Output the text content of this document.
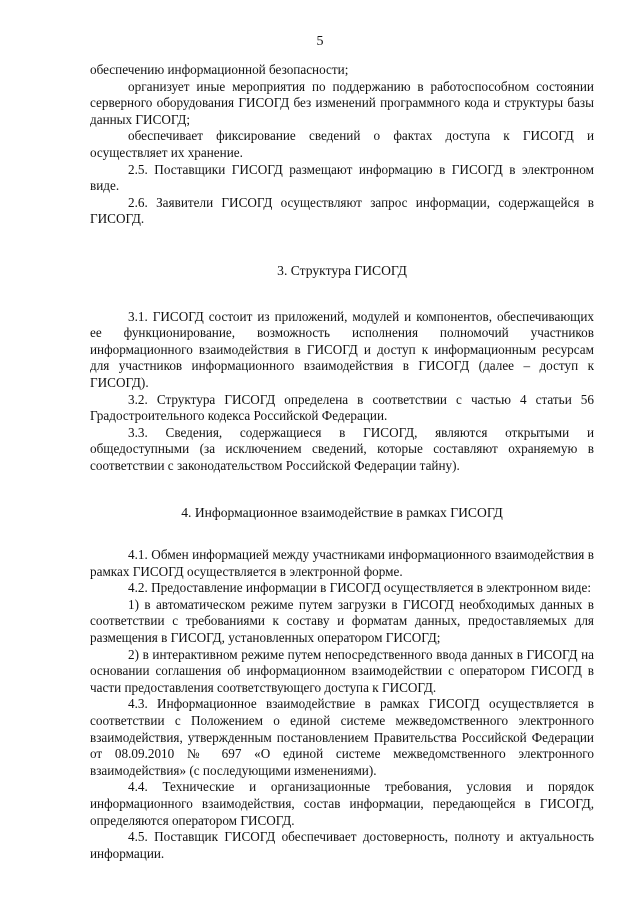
5

обеспечению информационной безопасности;

организует иные мероприятия по поддержанию в работоспособном состоянии серверного оборудования ГИСОГД без изменений программного кода и структуры базы данных ГИСОГД;

обеспечивает фиксирование сведений о фактах доступа к ГИСОГД и осуществляет их хранение.

2.5. Поставщики ГИСОГД размещают информацию в ГИСОГД в электронном виде.

2.6. Заявители ГИСОГД осуществляют запрос информации, содержащейся в ГИСОГД.

3. Структура ГИСОГД

3.1. ГИСОГД состоит из приложений, модулей и компонентов, обеспечивающих ее функционирование, возможность исполнения полномочий участников информационного взаимодействия в ГИСОГД и доступ к информационным ресурсам для участников информационного взаимодействия в ГИСОГД (далее – доступ к ГИСОГД).

3.2. Структура ГИСОГД определена в соответствии с частью 4 статьи 56 Градостроительного кодекса Российской Федерации.

3.3. Сведения, содержащиеся в ГИСОГД, являются открытыми и общедоступными (за исключением сведений, которые составляют охраняемую в соответствии с законодательством Российской Федерации тайну).

4. Информационное взаимодействие в рамках ГИСОГД

4.1. Обмен информацией между участниками информационного взаимодействия в рамках ГИСОГД осуществляется в электронной форме.

4.2. Предоставление информации в ГИСОГД осуществляется в электронном виде:

1) в автоматическом режиме путем загрузки в ГИСОГД необходимых данных в соответствии с требованиями к составу и форматам данных, предоставляемых для размещения в ГИСОГД, установленных оператором ГИСОГД;

2) в интерактивном режиме путем непосредственного ввода данных в ГИСОГД на основании соглашения об информационном взаимодействии с оператором ГИСОГД в части предоставления соответствующего доступа к ГИСОГД.

4.3. Информационное взаимодействие в рамках ГИСОГД осуществляется в соответствии с Положением о единой системе межведомственного электронного взаимодействия, утвержденным постановлением Правительства Российской Федерации от 08.09.2010 № 697 «О единой системе межведомственного электронного взаимодействия» (с последующими изменениями).

4.4. Технические и организационные требования, условия и порядок информационного взаимодействия, состав информации, передающейся в ГИСОГД, определяются оператором ГИСОГД.

4.5. Поставщик ГИСОГД обеспечивает достоверность, полноту и актуальность информации.
